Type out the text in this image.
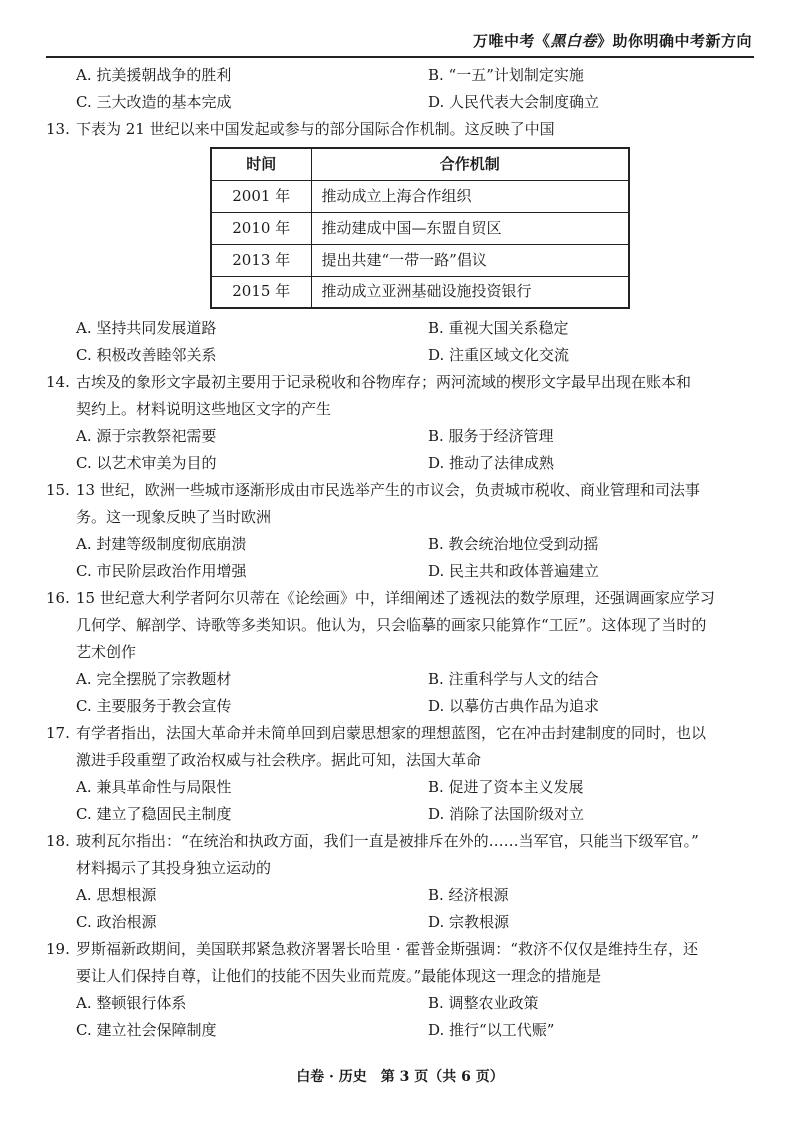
万唯中考《黑白卷》助你明确中考新方向
A. 抗美援朝战争的胜利	B. “一五”计划制定实施
C. 三大改造的基本完成	D. 人民代表大会制度确立
13. 下表为 21 世纪以来中国发起或参与的部分国际合作机制。这反映了中国
时间	合作机制
2001 年	推动成立上海合作组织
2010 年	推动建成中国—东盟自贸区
2013 年	提出共建“一带一路”倡议
2015 年	推动成立亚洲基础设施投资银行
A. 坚持共同发展道路	B. 重视大国关系稳定
C. 积极改善睦邻关系	D. 注重区域文化交流
14. 古埃及的象形文字最初主要用于记录税收和谷物库存；两河流域的楔形文字最早出现在账本和
契约上。材料说明这些地区文字的产生
A. 源于宗教祭祀需要	B. 服务于经济管理
C. 以艺术审美为目的	D. 推动了法律成熟
15. 13 世纪，欧洲一些城市逐渐形成由市民选举产生的市议会，负责城市税收、商业管理和司法事
务。这一现象反映了当时欧洲
A. 封建等级制度彻底崩溃	B. 教会统治地位受到动摇
C. 市民阶层政治作用增强	D. 民主共和政体普遍建立
16. 15 世纪意大利学者阿尔贝蒂在《论绘画》中，详细阐述了透视法的数学原理，还强调画家应学习
几何学、解剖学、诗歌等多类知识。他认为，只会临摹的画家只能算作“工匠”。这体现了当时的
艺术创作
A. 完全摆脱了宗教题材	B. 注重科学与人文的结合
C. 主要服务于教会宣传	D. 以摹仿古典作品为追求
17. 有学者指出，法国大革命并未简单回到启蒙思想家的理想蓝图，它在冲击封建制度的同时，也以
激进手段重塑了政治权威与社会秩序。据此可知，法国大革命
A. 兼具革命性与局限性	B. 促进了资本主义发展
C. 建立了稳固民主制度	D. 消除了法国阶级对立
18. 玻利瓦尔指出：“在统治和执政方面，我们一直是被排斥在外的……当军官，只能当下级军官。”
材料揭示了其投身独立运动的
A. 思想根源	B. 经济根源
C. 政治根源	D. 宗教根源
19. 罗斯福新政期间，美国联邦紧急救济署署长哈里 · 霍普金斯强调：“救济不仅仅是维持生存，还
要让人们保持自尊，让他们的技能不因失业而荒废。”最能体现这一理念的措施是
A. 整顿银行体系	B. 调整农业政策
C. 建立社会保障制度	D. 推行“以工代赈”
白卷 · 历史　第 3 页（共 6 页）
